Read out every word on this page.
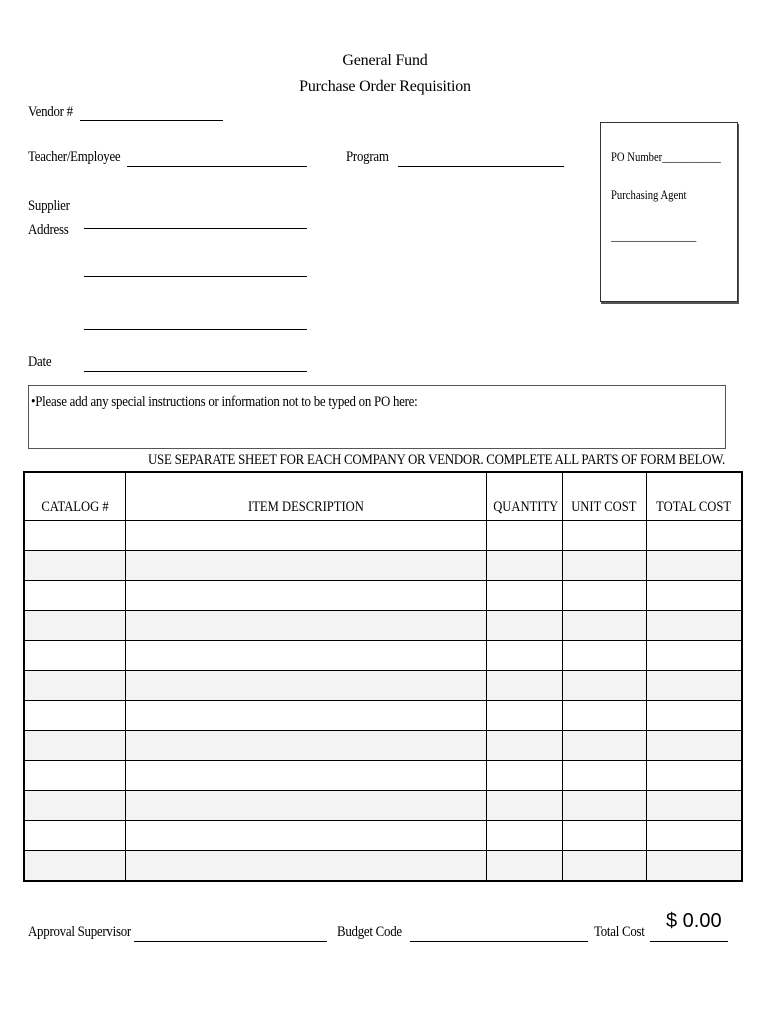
General Fund
Purchase Order Requisition
Vendor #
Teacher/Employee	Program	PO Number___________
Purchasing Agent
________________
Supplier
Address
Date
•Please add any special instructions or information not to be typed on PO here:
USE SEPARATE SHEET FOR EACH COMPANY OR VENDOR. COMPLETE ALL PARTS OF FORM BELOW.
CATALOG #	ITEM DESCRIPTION	QUANTITY	UNIT COST	TOTAL COST

Approval Supervisor	Budget Code	Total Cost $ 0.00
